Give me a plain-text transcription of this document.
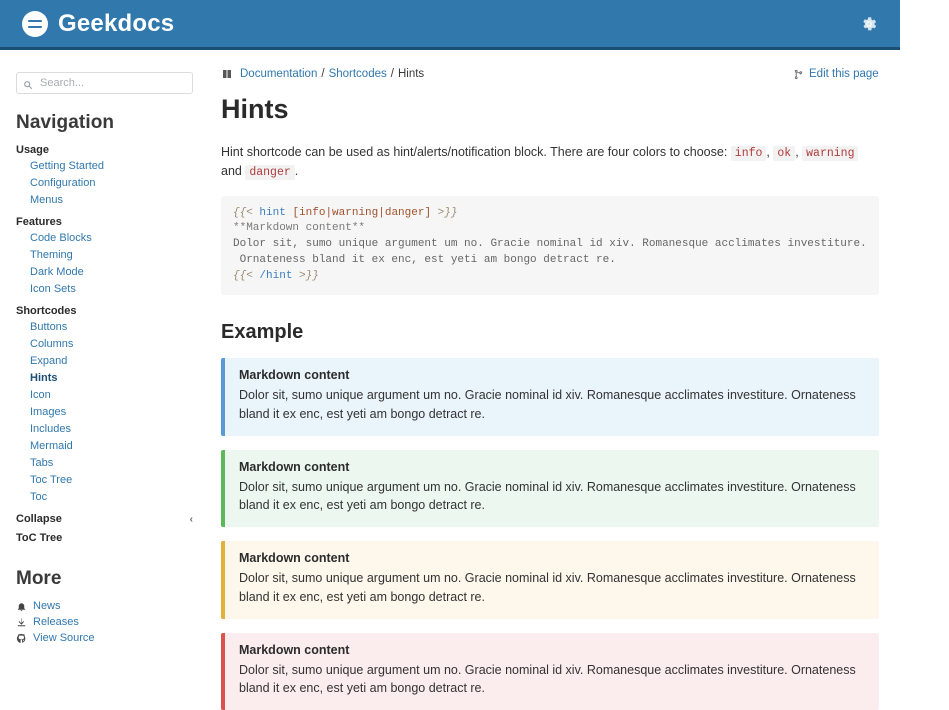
Geekdocs
Search...
Navigation
Usage
Getting Started
Configuration
Menus
Features
Code Blocks
Theming
Dark Mode
Icon Sets
Shortcodes
Buttons
Columns
Expand
Hints
Icon
Images
Includes
Mermaid
Tabs
Toc Tree
Toc
Collapse	‹
ToC Tree
More
News
Releases
View Source
Documentation / Shortcodes / Hints	Edit this page
Hints

Hint shortcode can be used as hint/alerts/notification block. There are four colors to choose: info , ok , warning and danger .

{{< hint [info|warning|danger] >}}
**Markdown content**
Dolor sit, sumo unique argument um no. Gracie nominal id xiv. Romanesque acclimates investiture.
Ornateness bland it ex enc, est yeti am bongo detract re.
{{< /hint >}}
Example
Markdown content
Dolor sit, sumo unique argument um no. Gracie nominal id xiv. Romanesque acclimates investiture. Ornateness bland it ex enc, est yeti am bongo detract re.
Markdown content
Dolor sit, sumo unique argument um no. Gracie nominal id xiv. Romanesque acclimates investiture. Ornateness bland it ex enc, est yeti am bongo detract re.
Markdown content
Dolor sit, sumo unique argument um no. Gracie nominal id xiv. Romanesque acclimates investiture. Ornateness bland it ex enc, est yeti am bongo detract re.
Markdown content
Dolor sit, sumo unique argument um no. Gracie nominal id xiv. Romanesque acclimates investiture. Ornateness bland it ex enc, est yeti am bongo detract re.
